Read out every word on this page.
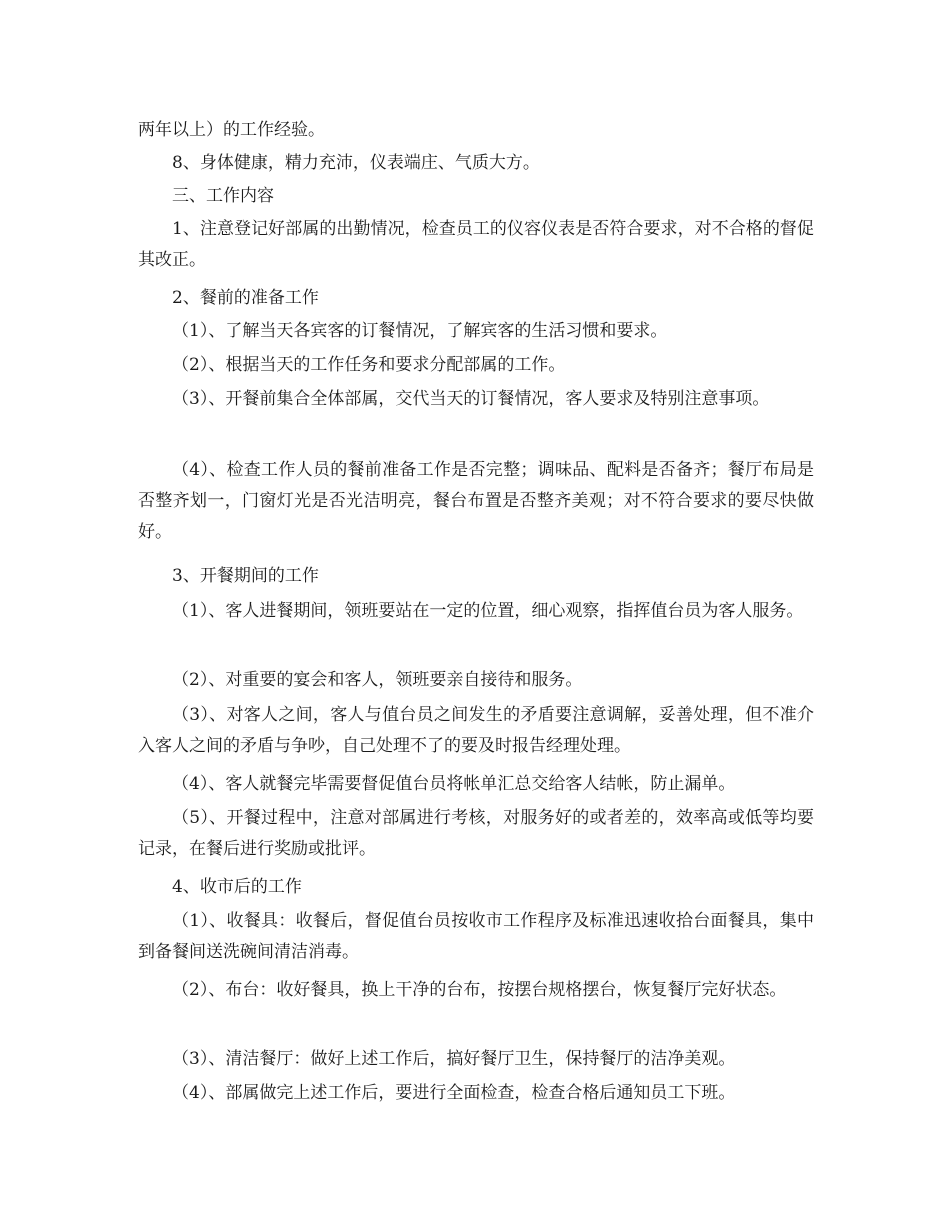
两年以上）的工作经验。

8、身体健康，精力充沛，仪表端庄、气质大方。

三、工作内容

1、注意登记好部属的出勤情况，检查员工的仪容仪表是否符合要求，对不合格的督促其改正。

2、餐前的准备工作

（1）、了解当天各宾客的订餐情况，了解宾客的生活习惯和要求。

（2）、根据当天的工作任务和要求分配部属的工作。

（3）、开餐前集合全体部属，交代当天的订餐情况，客人要求及特别注意事项。

（4）、检查工作人员的餐前准备工作是否完整；调味品、配料是否备齐；餐厅布局是否整齐划一，门窗灯光是否光洁明亮，餐台布置是否整齐美观；对不符合要求的要尽快做好。

3、开餐期间的工作

（1）、客人进餐期间，领班要站在一定的位置，细心观察，指挥值台员为客人服务。

（2）、对重要的宴会和客人，领班要亲自接待和服务。

（3）、对客人之间，客人与值台员之间发生的矛盾要注意调解，妥善处理，但不准介入客人之间的矛盾与争吵，自己处理不了的要及时报告经理处理。

（4）、客人就餐完毕需要督促值台员将帐单汇总交给客人结帐，防止漏单。

（5）、开餐过程中，注意对部属进行考核，对服务好的或者差的，效率高或低等均要记录，在餐后进行奖励或批评。

4、收市后的工作

（1）、收餐具：收餐后，督促值台员按收市工作程序及标准迅速收拾台面餐具，集中到备餐间送洗碗间清洁消毒。

（2）、布台：收好餐具，换上干净的台布，按摆台规格摆台，恢复餐厅完好状态。

（3）、清洁餐厅：做好上述工作后，搞好餐厅卫生，保持餐厅的洁净美观。

（4）、部属做完上述工作后，要进行全面检查，检查合格后通知员工下班。
